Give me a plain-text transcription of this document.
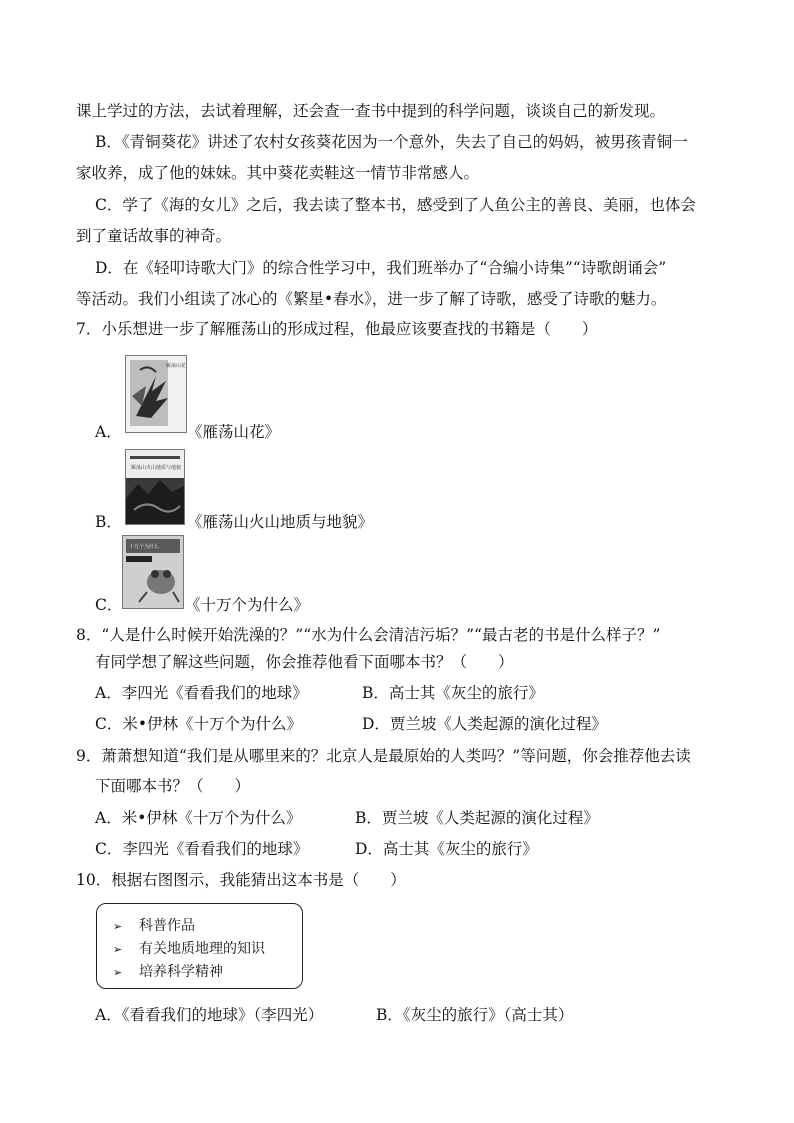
课上学过的方法，去试着理解，还会查一查书中提到的科学问题，谈谈自己的新发现。
B．《青铜葵花》讲述了农村女孩葵花因为一个意外，失去了自己的妈妈，被男孩青铜一
家收养，成了他的妹妹。其中葵花卖鞋这一情节非常感人。
C．学了《海的女儿》之后，我去读了整本书，感受到了人鱼公主的善良、美丽，也体会
到了童话故事的神奇。
D．在《轻叩诗歌大门》的综合性学习中，我们班举办了“合编小诗集”“诗歌朗诵会”
等活动。我们小组读了冰心的《繁星•春水》，进一步了解了诗歌，感受了诗歌的魅力。
7．小乐想进一步了解雁荡山的形成过程，他最应该要查找的书籍是（　　）
A．
雁荡山花
《雁荡山花》
B．
雁荡山火山地质与地貌
《雁荡山火山地质与地貌》
C．
十万个为什么
《十万个为什么》
8．“人是什么时候开始洗澡的？”“水为什么会清洁污垢？”“最古老的书是什么样子？”
有同学想了解这些问题，你会推荐他看下面哪本书？（　　）
A．李四光《看看我们的地球》	B．高士其《灰尘的旅行》
C．米•伊林《十万个为什么》	D．贾兰坡《人类起源的演化过程》
9．萧萧想知道“我们是从哪里来的？北京人是最原始的人类吗？”等问题，你会推荐他去读
下面哪本书？（　　）
A．米•伊林《十万个为什么》	B．贾兰坡《人类起源的演化过程》
C．李四光《看看我们的地球》	D．高士其《灰尘的旅行》
10．根据右图图示，我能猜出这本书是（　　）
➢ 科普作品
➢ 有关地质地理的知识
➢ 培养科学精神
A．《看看我们的地球》（李四光）	B．《灰尘的旅行》（高士其）
